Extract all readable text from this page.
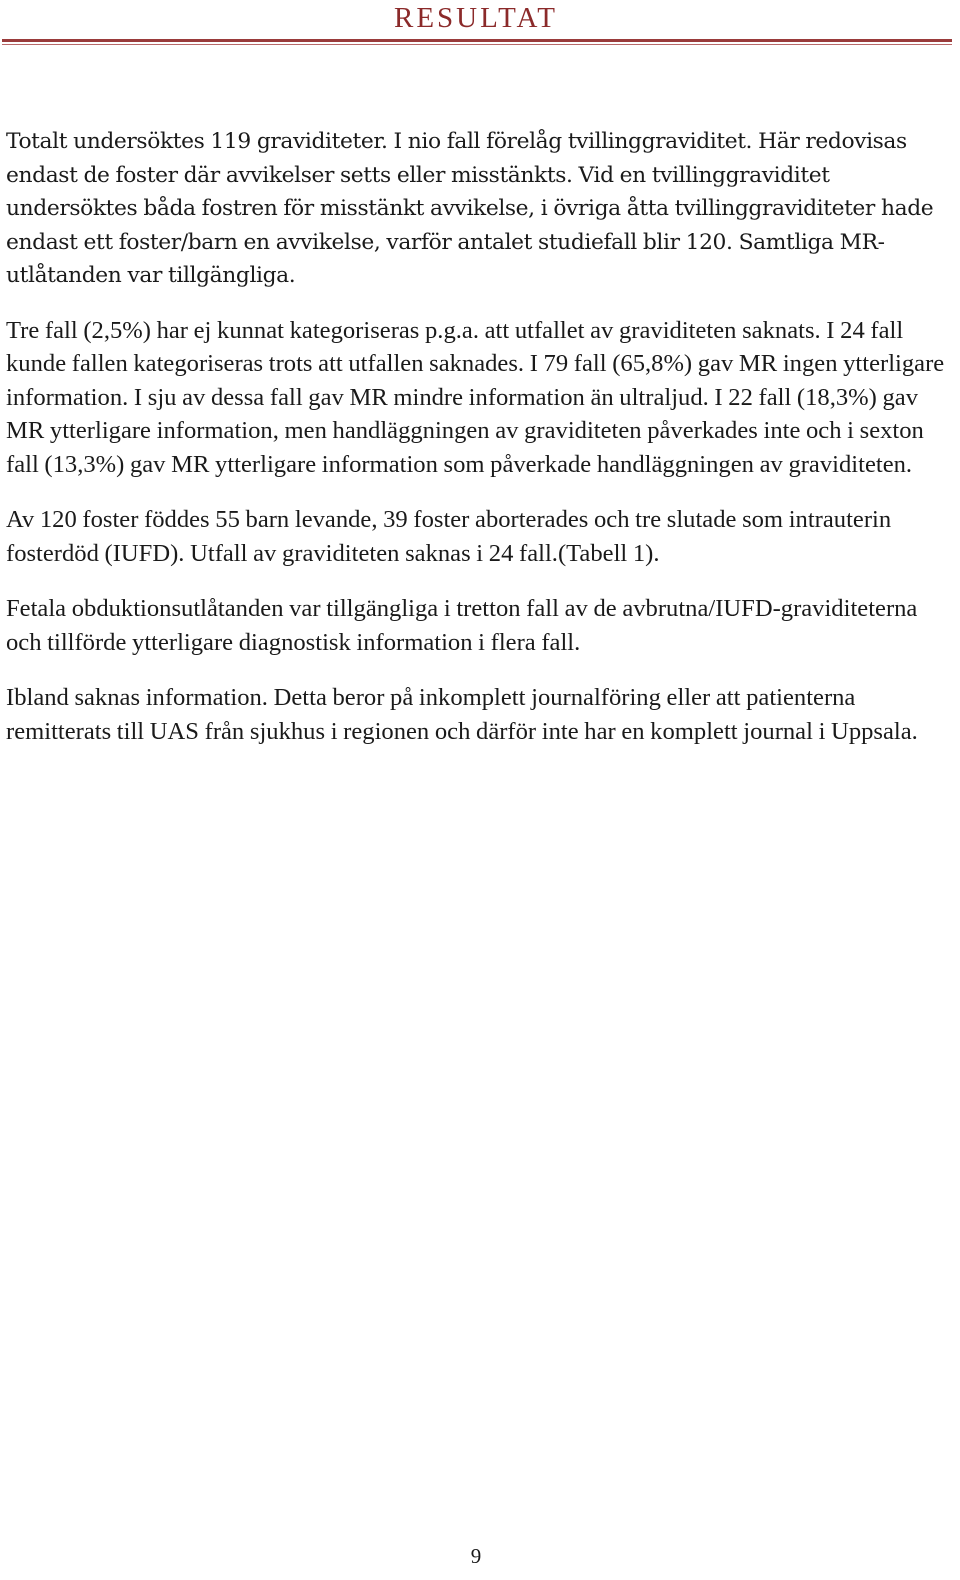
RESULTAT

Totalt undersöktes 119 graviditeter. I nio fall förelåg tvillinggraviditet. Här redovisas endast de foster där avvikelser setts eller misstänkts. Vid en tvillinggraviditet undersöktes båda fostren för misstänkt avvikelse, i övriga åtta tvillinggraviditeter hade endast ett foster/barn en avvikelse, varför antalet studiefall blir 120. Samtliga MR-utlåtanden var tillgängliga.

Tre fall (2,5%) har ej kunnat kategoriseras p.g.a. att utfallet av graviditeten saknats. I 24 fall kunde fallen kategoriseras trots att utfallen saknades. I 79 fall (65,8%) gav MR ingen ytterligare information. I sju av dessa fall gav MR mindre information än ultraljud. I 22 fall (18,3%) gav MR ytterligare information, men handläggningen av graviditeten påverkades inte och i sexton fall (13,3%) gav MR ytterligare information som påverkade handläggningen av graviditeten.

Av 120 foster föddes 55 barn levande, 39 foster aborterades och tre slutade som intrauterin fosterdöd (IUFD). Utfall av graviditeten saknas i 24 fall.(Tabell 1).

Fetala obduktionsutlåtanden var tillgängliga i tretton fall av de avbrutna/IUFD-graviditeterna och tillförde ytterligare diagnostisk information i flera fall.

Ibland saknas information. Detta beror på inkomplett journalföring eller att patienterna remitterats till UAS från sjukhus i regionen och därför inte har en komplett journal i Uppsala.

9
